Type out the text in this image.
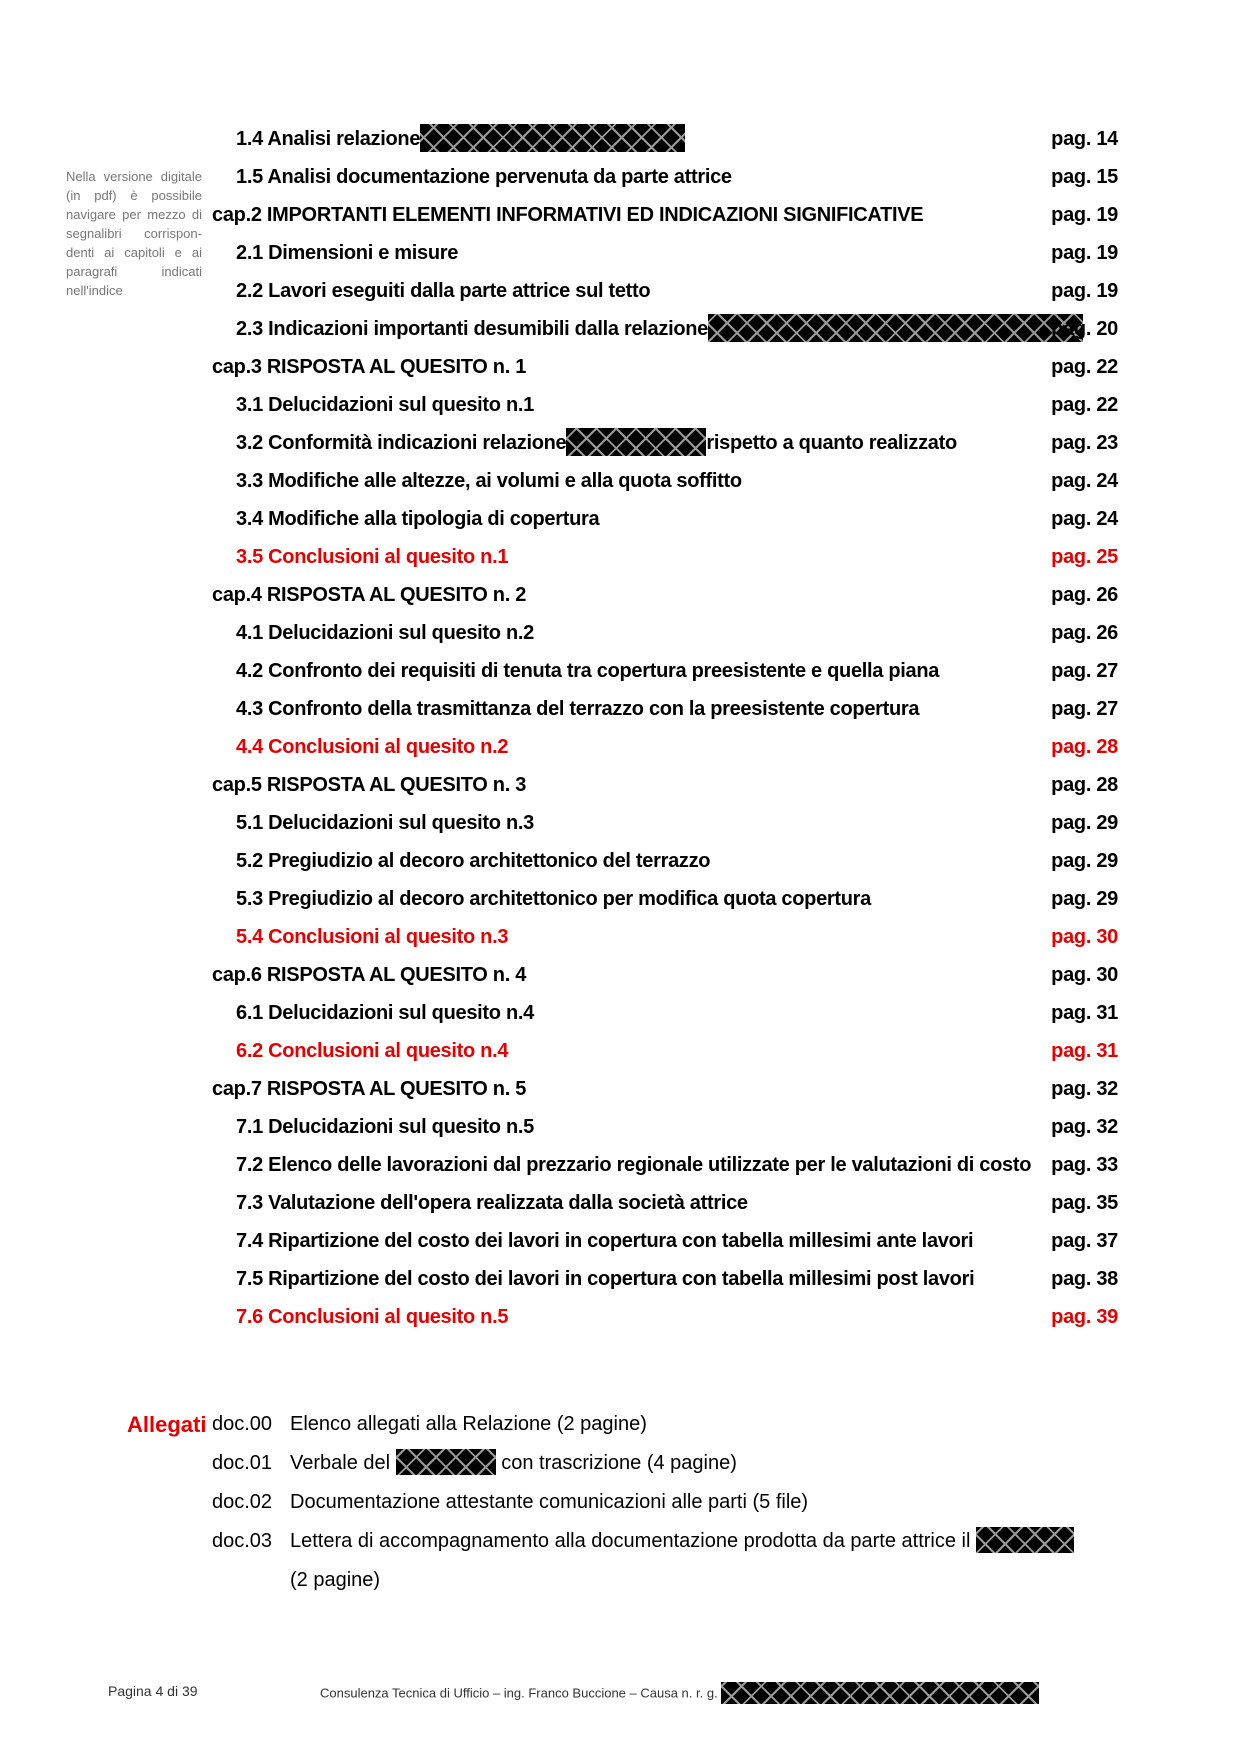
Nella versione digitale (in pdf) è possibile navigare per mezzo di segnalibri corrispondenti ai capitoli e ai paragrafi indicati nell'indice
1.4 Analisi relazione	pag. 14
1.5 Analisi documentazione pervenuta da parte attrice	pag. 15
cap.2 IMPORTANTI ELEMENTI INFORMATIVI ED INDICAZIONI SIGNIFICATIVE	pag. 19
2.1 Dimensioni e misure	pag. 19
2.2 Lavori eseguiti dalla parte attrice sul tetto	pag. 19
2.3 Indicazioni importanti desumibili dalla relazione	pag. 20
cap.3 RISPOSTA AL QUESITO n. 1	pag. 22
3.1 Delucidazioni sul quesito n.1	pag. 22
3.2 Conformità indicazioni relazione	rispetto a quanto realizzato	pag. 23
3.3 Modifiche alle altezze, ai volumi e alla quota soffitto	pag. 24
3.4 Modifiche alla tipologia di copertura	pag. 24
3.5 Conclusioni al quesito n.1	pag. 25
cap.4 RISPOSTA AL QUESITO n. 2	pag. 26
4.1 Delucidazioni sul quesito n.2	pag. 26
4.2 Confronto dei requisiti di tenuta tra copertura preesistente e quella piana	pag. 27
4.3 Confronto della trasmittanza del terrazzo con la preesistente copertura	pag. 27
4.4 Conclusioni al quesito n.2	pag. 28
cap.5 RISPOSTA AL QUESITO n. 3	pag. 28
5.1 Delucidazioni sul quesito n.3	pag. 29
5.2 Pregiudizio al decoro architettonico del terrazzo	pag. 29
5.3 Pregiudizio al decoro architettonico per modifica quota copertura	pag. 29
5.4 Conclusioni al quesito n.3	pag. 30
cap.6 RISPOSTA AL QUESITO n. 4	pag. 30
6.1 Delucidazioni sul quesito n.4	pag. 31
6.2 Conclusioni al quesito n.4	pag. 31
cap.7 RISPOSTA AL QUESITO n. 5	pag. 32
7.1 Delucidazioni sul quesito n.5	pag. 32
7.2 Elenco delle lavorazioni dal prezzario regionale utilizzate per le valutazioni di costo pag. 33
7.3 Valutazione dell'opera realizzata dalla società attrice	pag. 35
7.4 Ripartizione del costo dei lavori in copertura con tabella millesimi ante lavori	pag. 37
7.5 Ripartizione del costo dei lavori in copertura con tabella millesimi post lavori	pag. 38
7.6 Conclusioni al quesito n.5	pag. 39
Allegati doc.00 Elenco allegati alla Relazione (2 pagine)
doc.01 Verbale del	con trascrizione (4 pagine)
doc.02 Documentazione attestante comunicazioni alle parti (5 file)
doc.03 Lettera di accompagnamento alla documentazione prodotta da parte attrice il  (2 pagine)
Pagina 4 di 39	Consulenza Tecnica di Ufficio – ing. Franco Buccione – Causa n. r. g.
